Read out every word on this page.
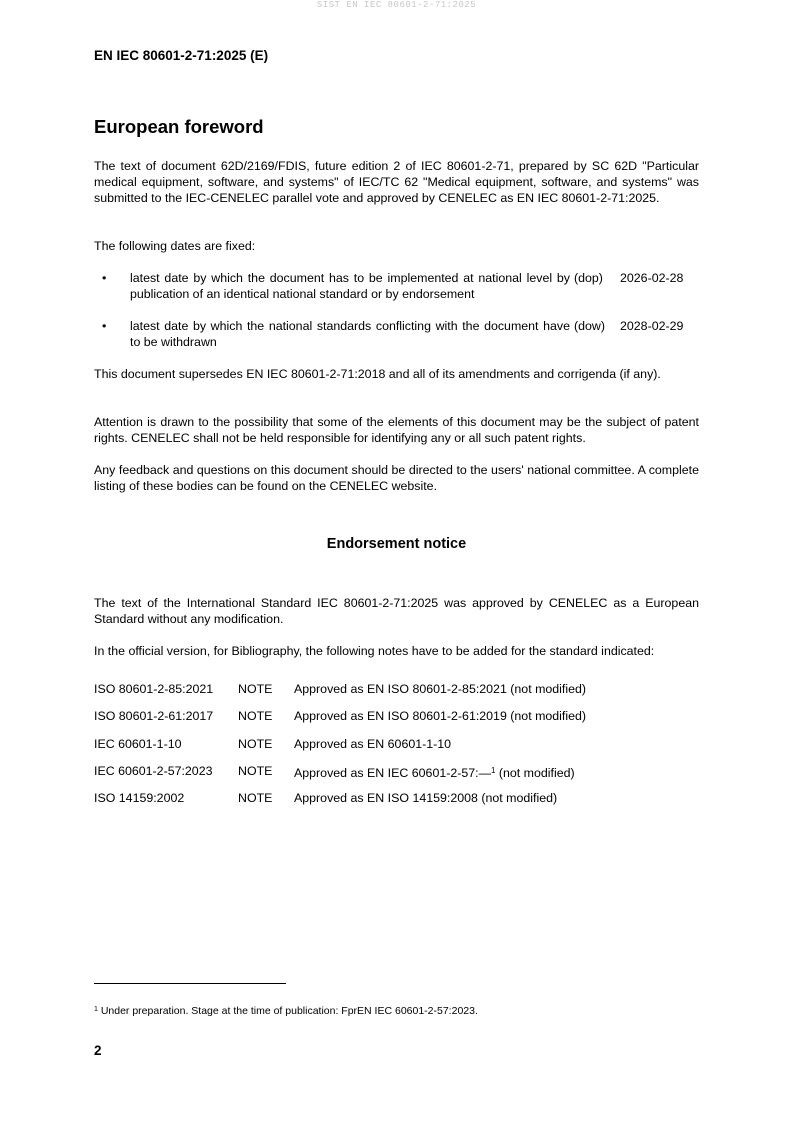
SIST EN IEC 80601-2-71:2025
EN IEC 80601-2-71:2025 (E)
European foreword
The text of document 62D/2169/FDIS, future edition 2 of IEC 80601-2-71, prepared by SC 62D "Particular medical equipment, software, and systems" of IEC/TC 62 "Medical equipment, software, and systems" was submitted to the IEC-CENELEC parallel vote and approved by CENELEC as EN IEC 80601-2-71:2025.
The following dates are fixed:
• latest date by which the document has to be implemented at national level by publication of an identical national standard or by endorsement
(dop)	2026-02-28
• latest date by which the national standards conflicting with the document have to be withdrawn
(dow)	2028-02-29
This document supersedes EN IEC 80601-2-71:2018 and all of its amendments and corrigenda (if any).
Attention is drawn to the possibility that some of the elements of this document may be the subject of patent rights. CENELEC shall not be held responsible for identifying any or all such patent rights.
Any feedback and questions on this document should be directed to the users' national committee. A complete listing of these bodies can be found on the CENELEC website.
Endorsement notice
The text of the International Standard IEC 80601-2-71:2025 was approved by CENELEC as a European Standard without any modification.
In the official version, for Bibliography, the following notes have to be added for the standard indicated:
ISO 80601-2-85:2021 NOTE Approved as EN ISO 80601-2-85:2021 (not modified)
ISO 80601-2-61:2017 NOTE Approved as EN ISO 80601-2-61:2019 (not modified)
IEC 60601-1-10	NOTE Approved as EN 60601-1-10
IEC 60601-2-57:2023 NOTE Approved as EN IEC 60601-2-57:—$^1$ (not modified)
ISO 14159:2002	NOTE Approved as EN ISO 14159:2008 (not modified)
$^1$ Under preparation. Stage at the time of publication: FprEN IEC 60601-2-57:2023.
2
